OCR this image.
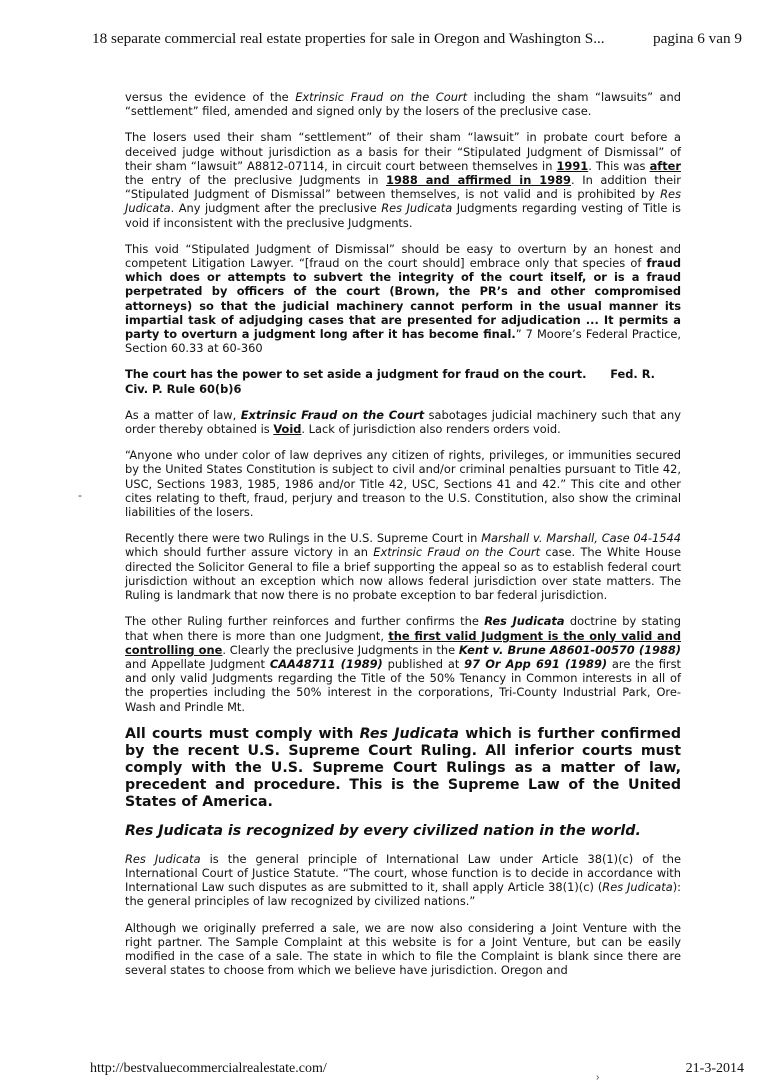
18 separate commercial real estate properties for sale in Oregon and Washington S...	pagina 6 van 9

versus the evidence of the Extrinsic Fraud on the Court including the sham “lawsuits” and “settlement” filed, amended and signed only by the losers of the preclusive case.

The losers used their sham “settlement” of their sham “lawsuit” in probate court before a deceived judge without jurisdiction as a basis for their “Stipulated Judgment of Dismissal” of their sham “lawsuit” A8812-07114, in circuit court between themselves in 1991. This was after the entry of the preclusive Judgments in 1988 and affirmed in 1989. In addition their “Stipulated Judgment of Dismissal” between themselves, is not valid and is prohibited by Res Judicata. Any judgment after the preclusive Res Judicata Judgments regarding vesting of Title is void if inconsistent with the preclusive Judgments.

This void “Stipulated Judgment of Dismissal” should be easy to overturn by an honest and competent Litigation Lawyer. “[fraud on the court should] embrace only that species of fraud which does or attempts to subvert the integrity of the court itself, or is a fraud perpetrated by officers of the court (Brown, the PR’s and other compromised attorneys) so that the judicial machinery cannot perform in the usual manner its impartial task of adjudging cases that are presented for adjudication ... It permits a party to overturn a judgment long after it has become final.” 7 Moore’s Federal Practice, Section 60.33 at 60-360

The court has the power to set aside a judgment for fraud on the court.      Fed. R. Civ. P. Rule 60(b)6

As a matter of law, Extrinsic Fraud on the Court sabotages judicial machinery such that any order thereby obtained is Void. Lack of jurisdiction also renders orders void.

“Anyone who under color of law deprives any citizen of rights, privileges, or immunities secured by the United States Constitution is subject to civil and/or criminal penalties pursuant to Title 42, USC, Sections 1983, 1985, 1986 and/or Title 42, USC, Sections 41 and 42.” This cite and other cites relating to theft, fraud, perjury and treason to the U.S. Constitution, also show the criminal liabilities of the losers.

Recently there were two Rulings in the U.S. Supreme Court in Marshall v. Marshall, Case 04-1544 which should further assure victory in an Extrinsic Fraud on the Court case. The White House directed the Solicitor General to file a brief supporting the appeal so as to establish federal court jurisdiction without an exception which now allows federal jurisdiction over state matters. The Ruling is landmark that now there is no probate exception to bar federal jurisdiction.

The other Ruling further reinforces and further confirms the Res Judicata doctrine by stating that when there is more than one Judgment, the first valid Judgment is the only valid and controlling one. Clearly the preclusive Judgments in the Kent v. Brune A8601-00570 (1988) and Appellate Judgment CAA48711 (1989) published at 97 Or App 691 (1989) are the first and only valid Judgments regarding the Title of the 50% Tenancy in Common interests in all of the properties including the 50% interest in the corporations, Tri-County Industrial Park, Ore-Wash and Prindle Mt.

All courts must comply with Res Judicata which is further confirmed by the recent U.S. Supreme Court Ruling. All inferior courts must comply with the U.S. Supreme Court Rulings as a matter of law, precedent and procedure. This is the Supreme Law of the United States of America.

Res Judicata is recognized by every civilized nation in the world.

Res Judicata is the general principle of International Law under Article 38(1)(c) of the International Court of Justice Statute. “The court, whose function is to decide in accordance with International Law such disputes as are submitted to it, shall apply Article 38(1)(c) (Res Judicata): the general principles of law recognized by civilized nations.”

Although we originally preferred a sale, we are now also considering a Joint Venture with the right partner. The Sample Complaint at this website is for a Joint Venture, but can be easily modified in the case of a sale. The state in which to file the Complaint is blank since there are several states to choose from which we believe have jurisdiction. Oregon and

http://bestvaluecommercialrealestate.com/	21-3-2014
-
›
